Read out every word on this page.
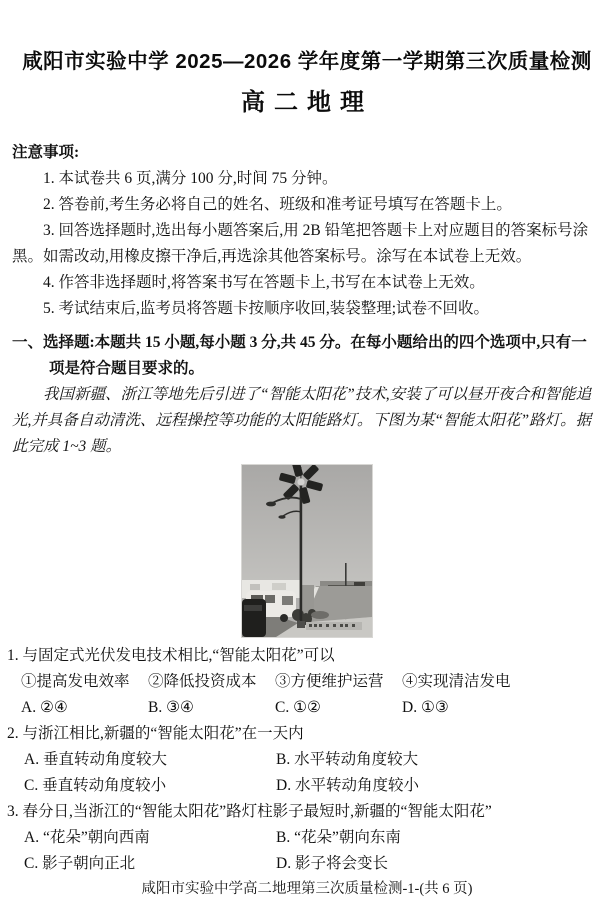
咸阳市实验中学 2025—2026 学年度第一学期第三次质量检测
高二地理
注意事项:
1. 本试卷共 6 页,满分 100 分,时间 75 分钟。
2. 答卷前,考生务必将自己的姓名、班级和准考证号填写在答题卡上。
3. 回答选择题时,选出每小题答案后,用 2B 铅笔把答题卡上对应题目的答案标号涂黑。如需改动,用橡皮擦干净后,再选涂其他答案标号。涂写在本试卷上无效。
4. 作答非选择题时,将答案书写在答题卡上,书写在本试卷上无效。
5. 考试结束后,监考员将答题卡按顺序收回,装袋整理;试卷不回收。
一、选择题:本题共 15 小题,每小题 3 分,共 45 分。在每小题给出的四个选项中,只有一项是符合题目要求的。
我国新疆、浙江等地先后引进了“智能太阳花”技术,安装了可以昼开夜合和智能追光,并具备自动清洗、远程操控等功能的太阳能路灯。下图为某“智能太阳花”路灯。据此完成 1~3 题。
1. 与固定式光伏发电技术相比,“智能太阳花”可以
①提高发电效率	②降低投资成本	③方便维护运营	④实现清洁发电
A. ②④	B. ③④	C. ①②	D. ①③
2. 与浙江相比,新疆的“智能太阳花”在一天内
A. 垂直转动角度较大	B. 水平转动角度较大
C. 垂直转动角度较小	D. 水平转动角度较小
3. 春分日,当浙江的“智能太阳花”路灯柱影子最短时,新疆的“智能太阳花”
A. “花朵”朝向西南	B. “花朵”朝向东南
C. 影子朝向正北	D. 影子将会变长
咸阳市实验中学高二地理第三次质量检测-1-(共 6 页)
